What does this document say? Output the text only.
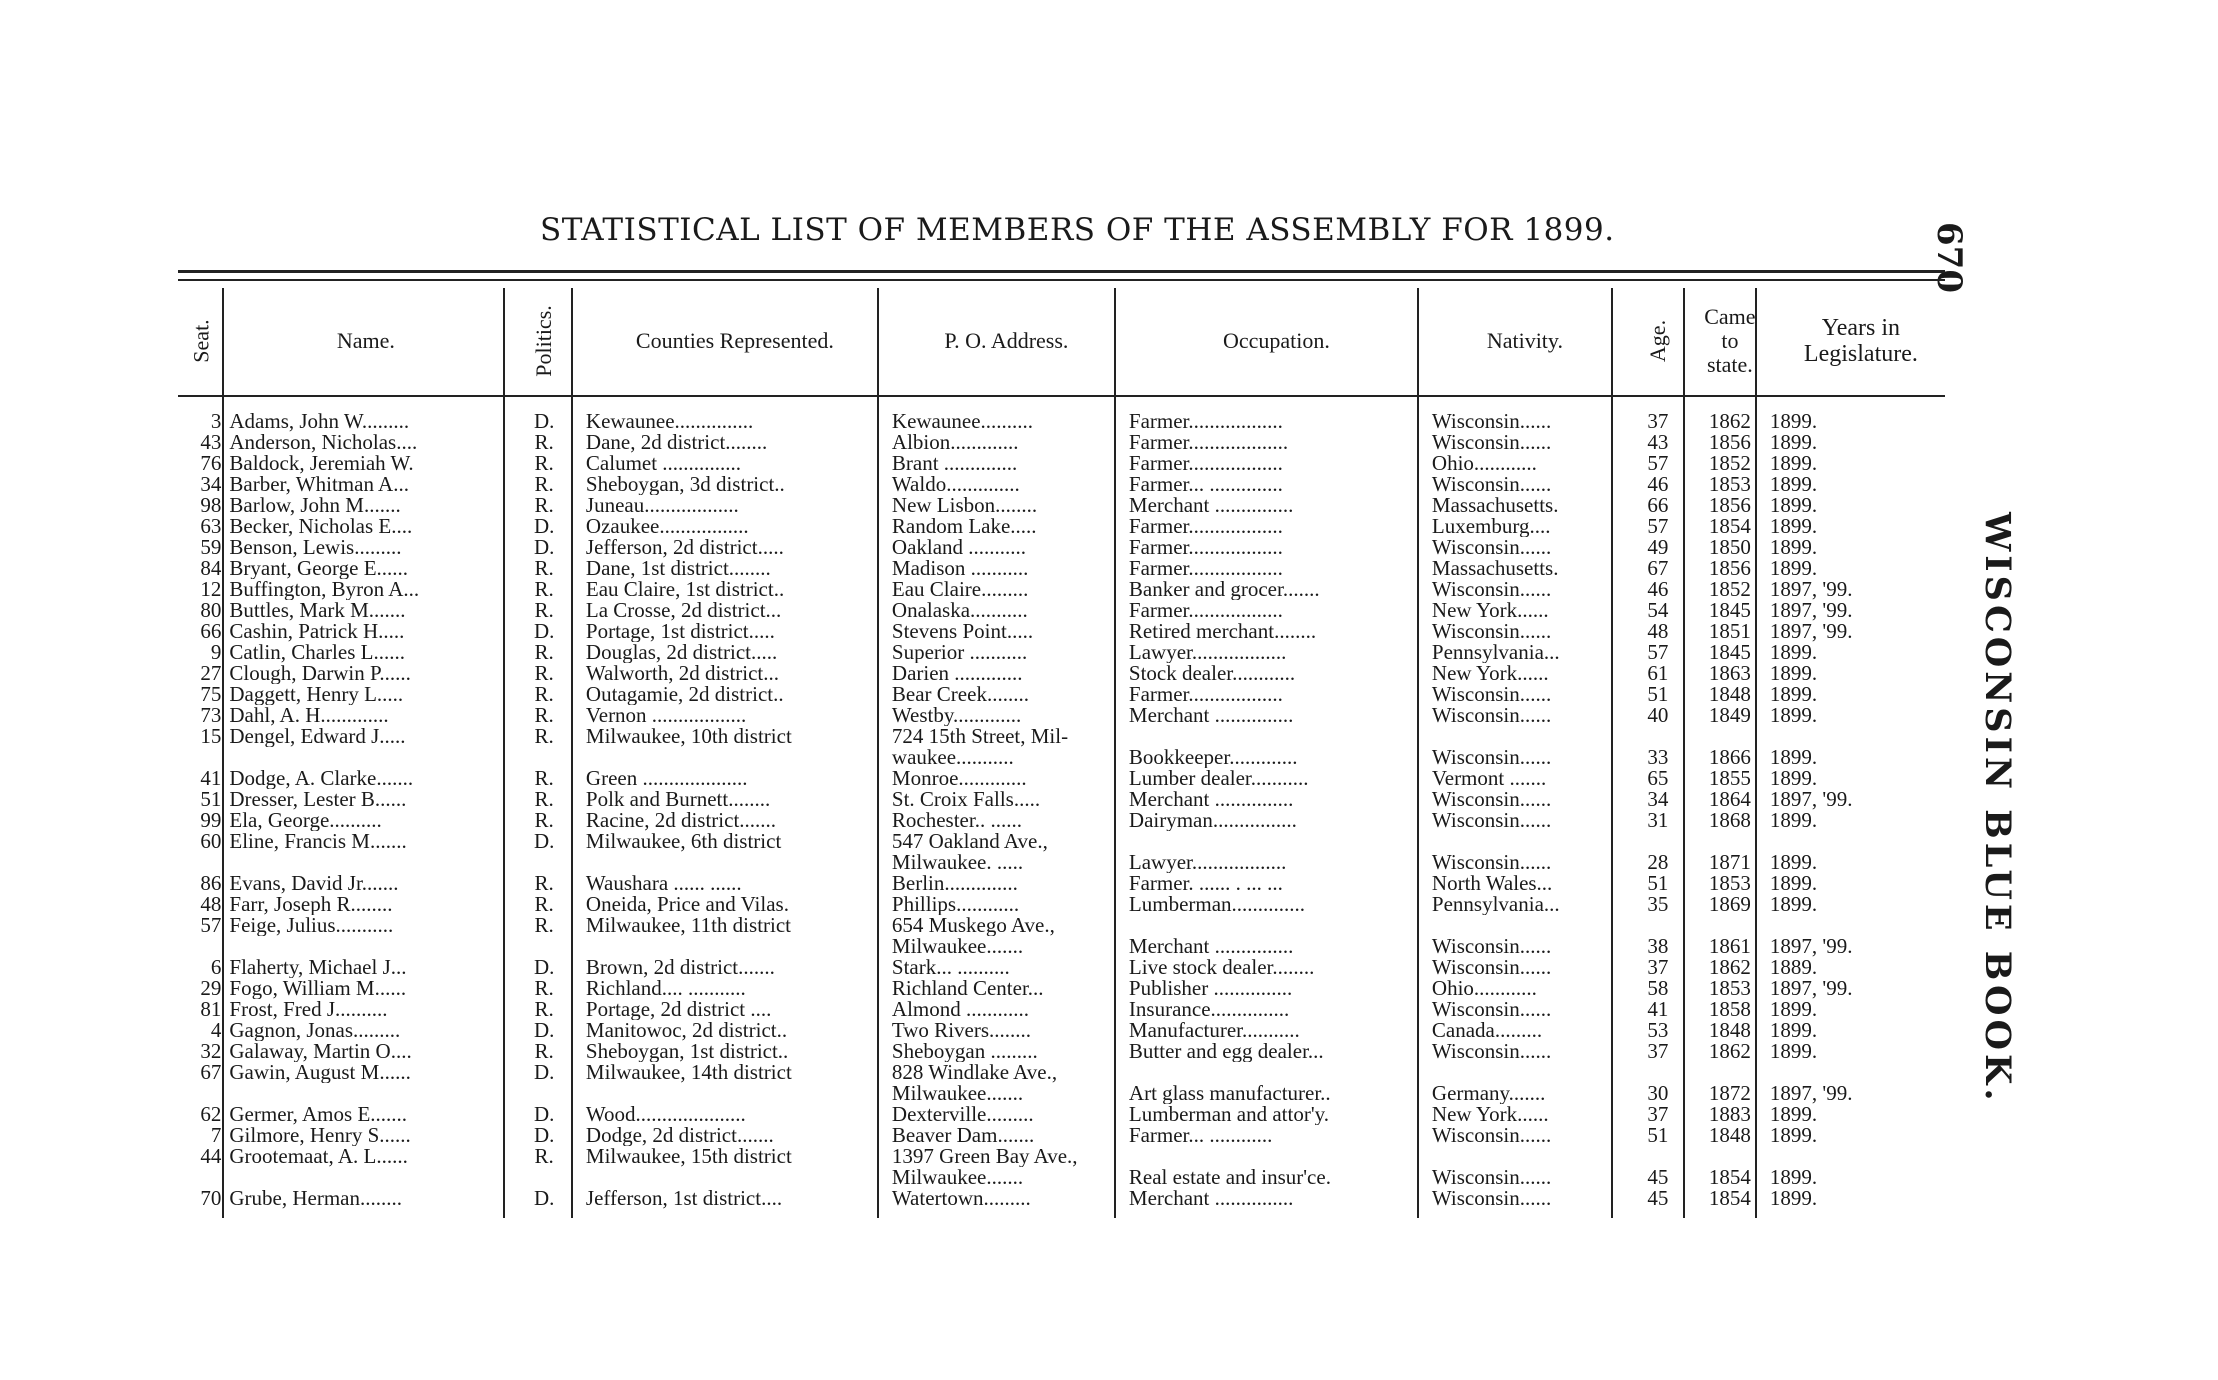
STATISTICAL LIST OF MEMBERS OF THE ASSEMBLY FOR 1899.	670
WISCONSIN BLUE BOOK.
Seat.	Name.	Politics.	Counties Represented.	P. O. Address.	Occupation.	Nativity.	Age.	Came
to
state.	Years in
Legislature.
3	Adams, John W.........	D.	Kewaunee...............	Kewaunee..........	Farmer..................	Wisconsin......	37	1862	1899.
43	Anderson, Nicholas....	R.	Dane, 2d district........	Albion.............	Farmer...................	Wisconsin......	43	1856	1899.
76	Baldock, Jeremiah W.	R.	Calumet ...............	Brant ..............	Farmer..................	Ohio............	57	1852	1899.
34	Barber, Whitman A...	R.	Sheboygan, 3d district..	Waldo..............	Farmer... ..............	Wisconsin......	46	1853	1899.
98	Barlow, John M.......	R.	Juneau..................	New Lisbon........	Merchant ...............	Massachusetts.	66	1856	1899.
63	Becker, Nicholas E....	D.	Ozaukee.................	Random Lake.....	Farmer..................	Luxemburg....	57	1854	1899.
59	Benson, Lewis.........	D.	Jefferson, 2d district.....	Oakland ...........	Farmer..................	Wisconsin......	49	1850	1899.
84	Bryant, George E......	R.	Dane, 1st district........	Madison ...........	Farmer..................	Massachusetts.	67	1856	1899.
12	Buffington, Byron A...	R.	Eau Claire, 1st district..	Eau Claire.........	Banker and grocer.......	Wisconsin......	46	1852	1897, '99.
80	Buttles, Mark M.......	R.	La Crosse, 2d district...	Onalaska...........	Farmer..................	New York......	54	1845	1897, '99.
66	Cashin, Patrick H.....	D.	Portage, 1st district.....	Stevens Point.....	Retired merchant........	Wisconsin......	48	1851	1897, '99.
9	Catlin, Charles L......	R.	Douglas, 2d district.....	Superior ...........	Lawyer..................	Pennsylvania...	57	1845	1899.
27	Clough, Darwin P......	R.	Walworth, 2d district...	Darien .............	Stock dealer............	New York......	61	1863	1899.
75	Daggett, Henry L.....	R.	Outagamie, 2d district..	Bear Creek........	Farmer..................	Wisconsin......	51	1848	1899.
73	Dahl, A. H.............	R.	Vernon ..................	Westby.............	Merchant ...............	Wisconsin......	40	1849	1899.
15	Dengel, Edward J.....	R.	Milwaukee, 10th district	724 15th Street, Mil-					
				waukee...........	Bookkeeper.............	Wisconsin......	33	1866	1899.
41	Dodge, A. Clarke.......	R.	Green ....................	Monroe.............	Lumber dealer...........	Vermont .......	65	1855	1899.
51	Dresser, Lester B......	R.	Polk and Burnett........	St. Croix Falls.....	Merchant ...............	Wisconsin......	34	1864	1897, '99.
99	Ela, George..........	R.	Racine, 2d district.......	Rochester.. ......	Dairyman................	Wisconsin......	31	1868	1899.
60	Eline, Francis M.......	D.	Milwaukee, 6th district	547 Oakland Ave.,					
				Milwaukee. .....	Lawyer..................	Wisconsin......	28	1871	1899.
86	Evans, David Jr.......	R.	Waushara ...... ......	Berlin..............	Farmer. ...... . ... ...	North Wales...	51	1853	1899.
48	Farr, Joseph R........	R.	Oneida, Price and Vilas.	Phillips............	Lumberman..............	Pennsylvania...	35	1869	1899.
57	Feige, Julius...........	R.	Milwaukee, 11th district	654 Muskego Ave.,					
				Milwaukee.......	Merchant ...............	Wisconsin......	38	1861	1897, '99.
6	Flaherty, Michael J...	D.	Brown, 2d district.......	Stark... ..........	Live stock dealer........	Wisconsin......	37	1862	1889.
29	Fogo, William M......	R.	Richland.... ...........	Richland Center...	Publisher ...............	Ohio............	58	1853	1897, '99.
81	Frost, Fred J..........	R.	Portage, 2d district ....	Almond ............	Insurance...............	Wisconsin......	41	1858	1899.
4	Gagnon, Jonas.........	D.	Manitowoc, 2d district..	Two Rivers........	Manufacturer...........	Canada.........	53	1848	1899.
32	Galaway, Martin O....	R.	Sheboygan, 1st district..	Sheboygan .........	Butter and egg dealer...	Wisconsin......	37	1862	1899.
67	Gawin, August M......	D.	Milwaukee, 14th district	828 Windlake Ave.,					
				Milwaukee.......	Art glass manufacturer..	Germany.......	30	1872	1897, '99.
62	Germer, Amos E.......	D.	Wood.....................	Dexterville.........	Lumberman and attor'y.	New York......	37	1883	1899.
7	Gilmore, Henry S......	D.	Dodge, 2d district.......	Beaver Dam.......	Farmer... ............	Wisconsin......	51	1848	1899.
44	Grootemaat, A. L......	R.	Milwaukee, 15th district	1397 Green Bay Ave.,					
				Milwaukee.......	Real estate and insur'ce.	Wisconsin......	45	1854	1899.
70	Grube, Herman........	D.	Jefferson, 1st district....	Watertown.........	Merchant ...............	Wisconsin......	45	1854	1899.
